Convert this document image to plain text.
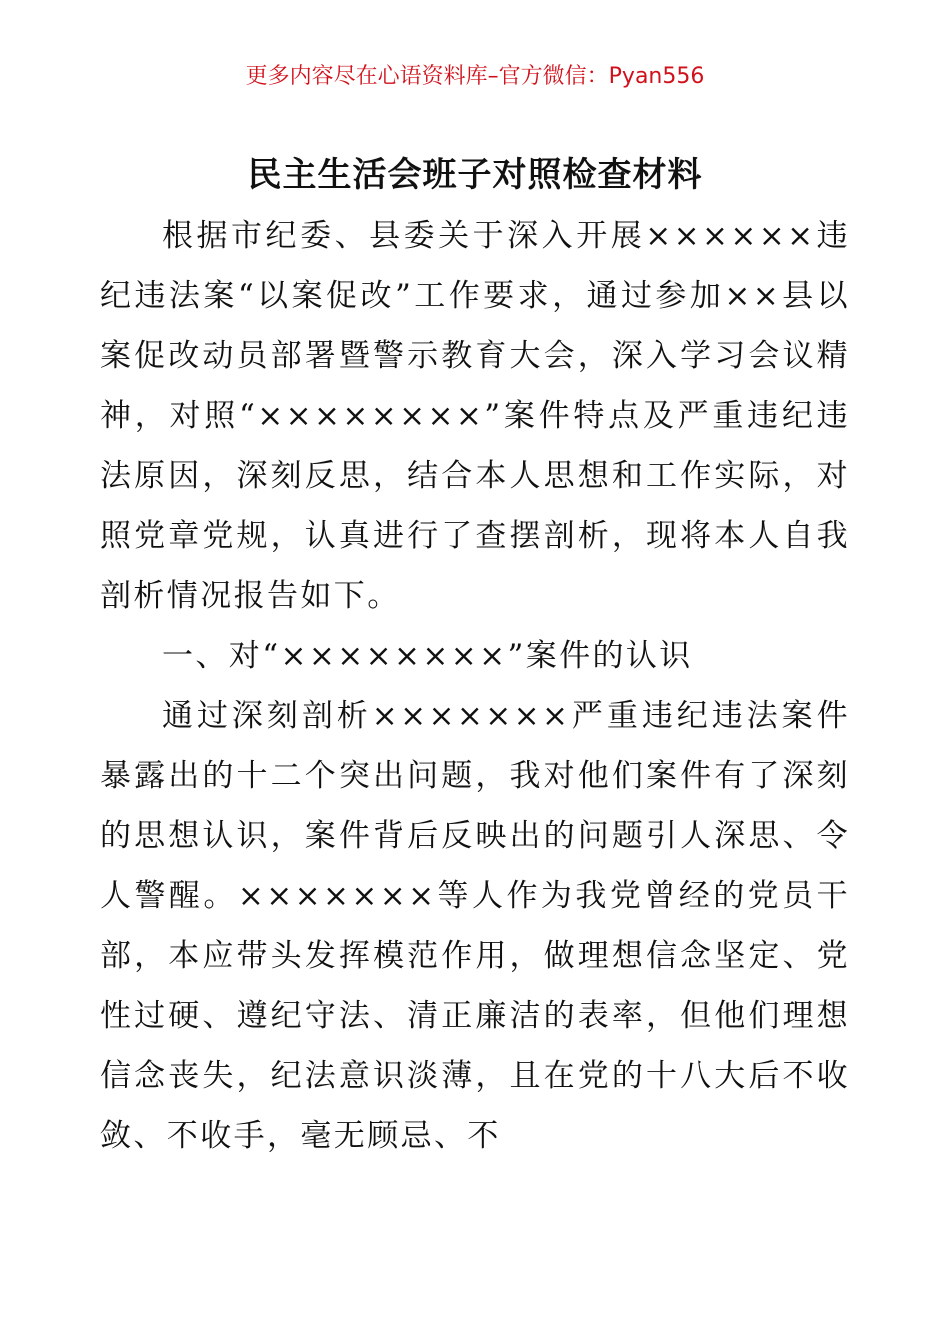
更多内容尽在心语资料库–官方微信：Pyan556
民主生活会班子对照检查材料

根据市纪委、县委关于深入开展××××××违纪违法案“以案促改”工作要求，通过参加××县以案促改动员部署暨警示教育大会，深入学习会议精神，对照“××××××××”案件特点及严重违纪违法原因，深刻反思，结合本人思想和工作实际，对照党章党规，认真进行了查摆剖析，现将本人自我剖析情况报告如下。

一、对“××××××××”案件的认识

通过深刻剖析×××××××严重违纪违法案件暴露出的十二个突出问题，我对他们案件有了深刻的思想认识，案件背后反映出的问题引人深思、令人警醒。×××××××等人作为我党曾经的党员干部，本应带头发挥模范作用，做理想信念坚定、党性过硬、遵纪守法、清正廉洁的表率，但他们理想信念丧失，纪法意识淡薄，且在党的十八大后不收敛、不收手，毫无顾忌、不
